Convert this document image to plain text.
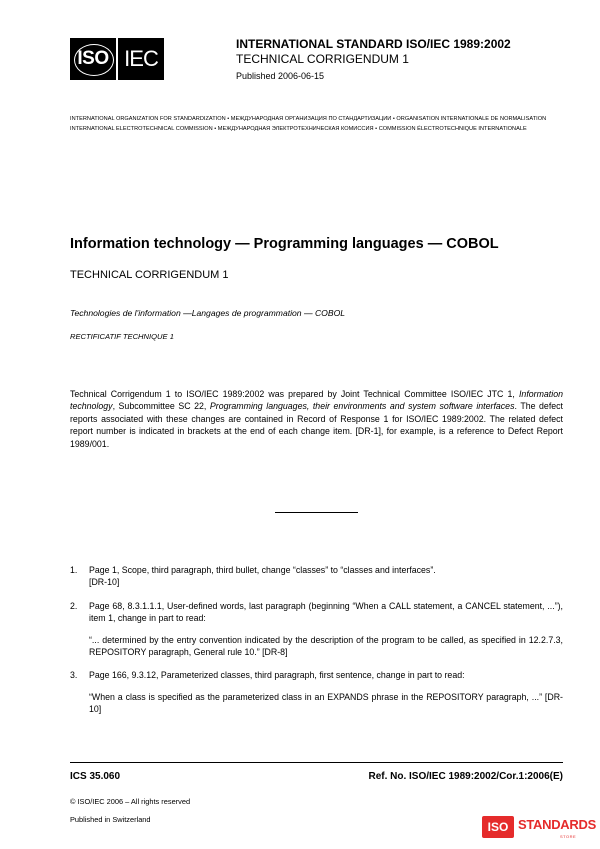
ISO IEC
INTERNATIONAL STANDARD ISO/IEC 1989:2002
TECHNICAL CORRIGENDUM 1
Published 2006-06-15
INTERNATIONAL ORGANIZATION FOR STANDARDIZATION • МЕЖДУНАРОДНАЯ ОРГАНИЗАЦИЯ ПО СТАНДАРТИЗАЦИИ • ORGANISATION INTERNATIONALE DE NORMALISATION
INTERNATIONAL ELECTROTECHNICAL COMMISSION • МЕЖДУНАРОДНАЯ ЭЛЕКТРОТЕХНИЧЕСКАЯ КОМИССИЯ • COMMISSION ÉLECTROTECHNIQUE INTERNATIONALE
Information technology — Programming languages — COBOL
TECHNICAL CORRIGENDUM 1
Technologies de l'information —Langages de programmation — COBOL
RECTIFICATIF TECHNIQUE 1
Technical Corrigendum 1 to ISO/IEC 1989:2002 was prepared by Joint Technical Committee ISO/IEC JTC 1, Information technology, Subcommittee SC 22, Programming languages, their environments and system software interfaces. The defect reports associated with these changes are contained in Record of Response 1 for ISO/IEC 1989:2002. The related defect report number is indicated in brackets at the end of each change item. [DR-1], for example, is a reference to Defect Report 1989/001.
1. Page 1, Scope, third paragraph, third bullet, change “classes” to “classes and interfaces”.
[DR-10]
2. Page 68, 8.3.1.1.1, User-defined words, last paragraph (beginning “When a CALL statement, a CANCEL statement, ...”), item 1, change in part to read:
“... determined by the entry convention indicated by the description of the program to be called, as specified in 12.2.7.3, REPOSITORY paragraph, General rule 10.” [DR-8]
3. Page 166, 9.3.12, Parameterized classes, third paragraph, first sentence, change in part to read:
“When a class is specified as the parameterized class in an EXPANDS phrase in the REPOSITORY paragraph, ...” [DR-10]
ICS 35.060	Ref. No. ISO/IEC 1989:2002/Cor.1:2006(E)
© ISO/IEC 2006 – All rights reserved
Published in Switzerland
ISO STANDARDS
STORE
